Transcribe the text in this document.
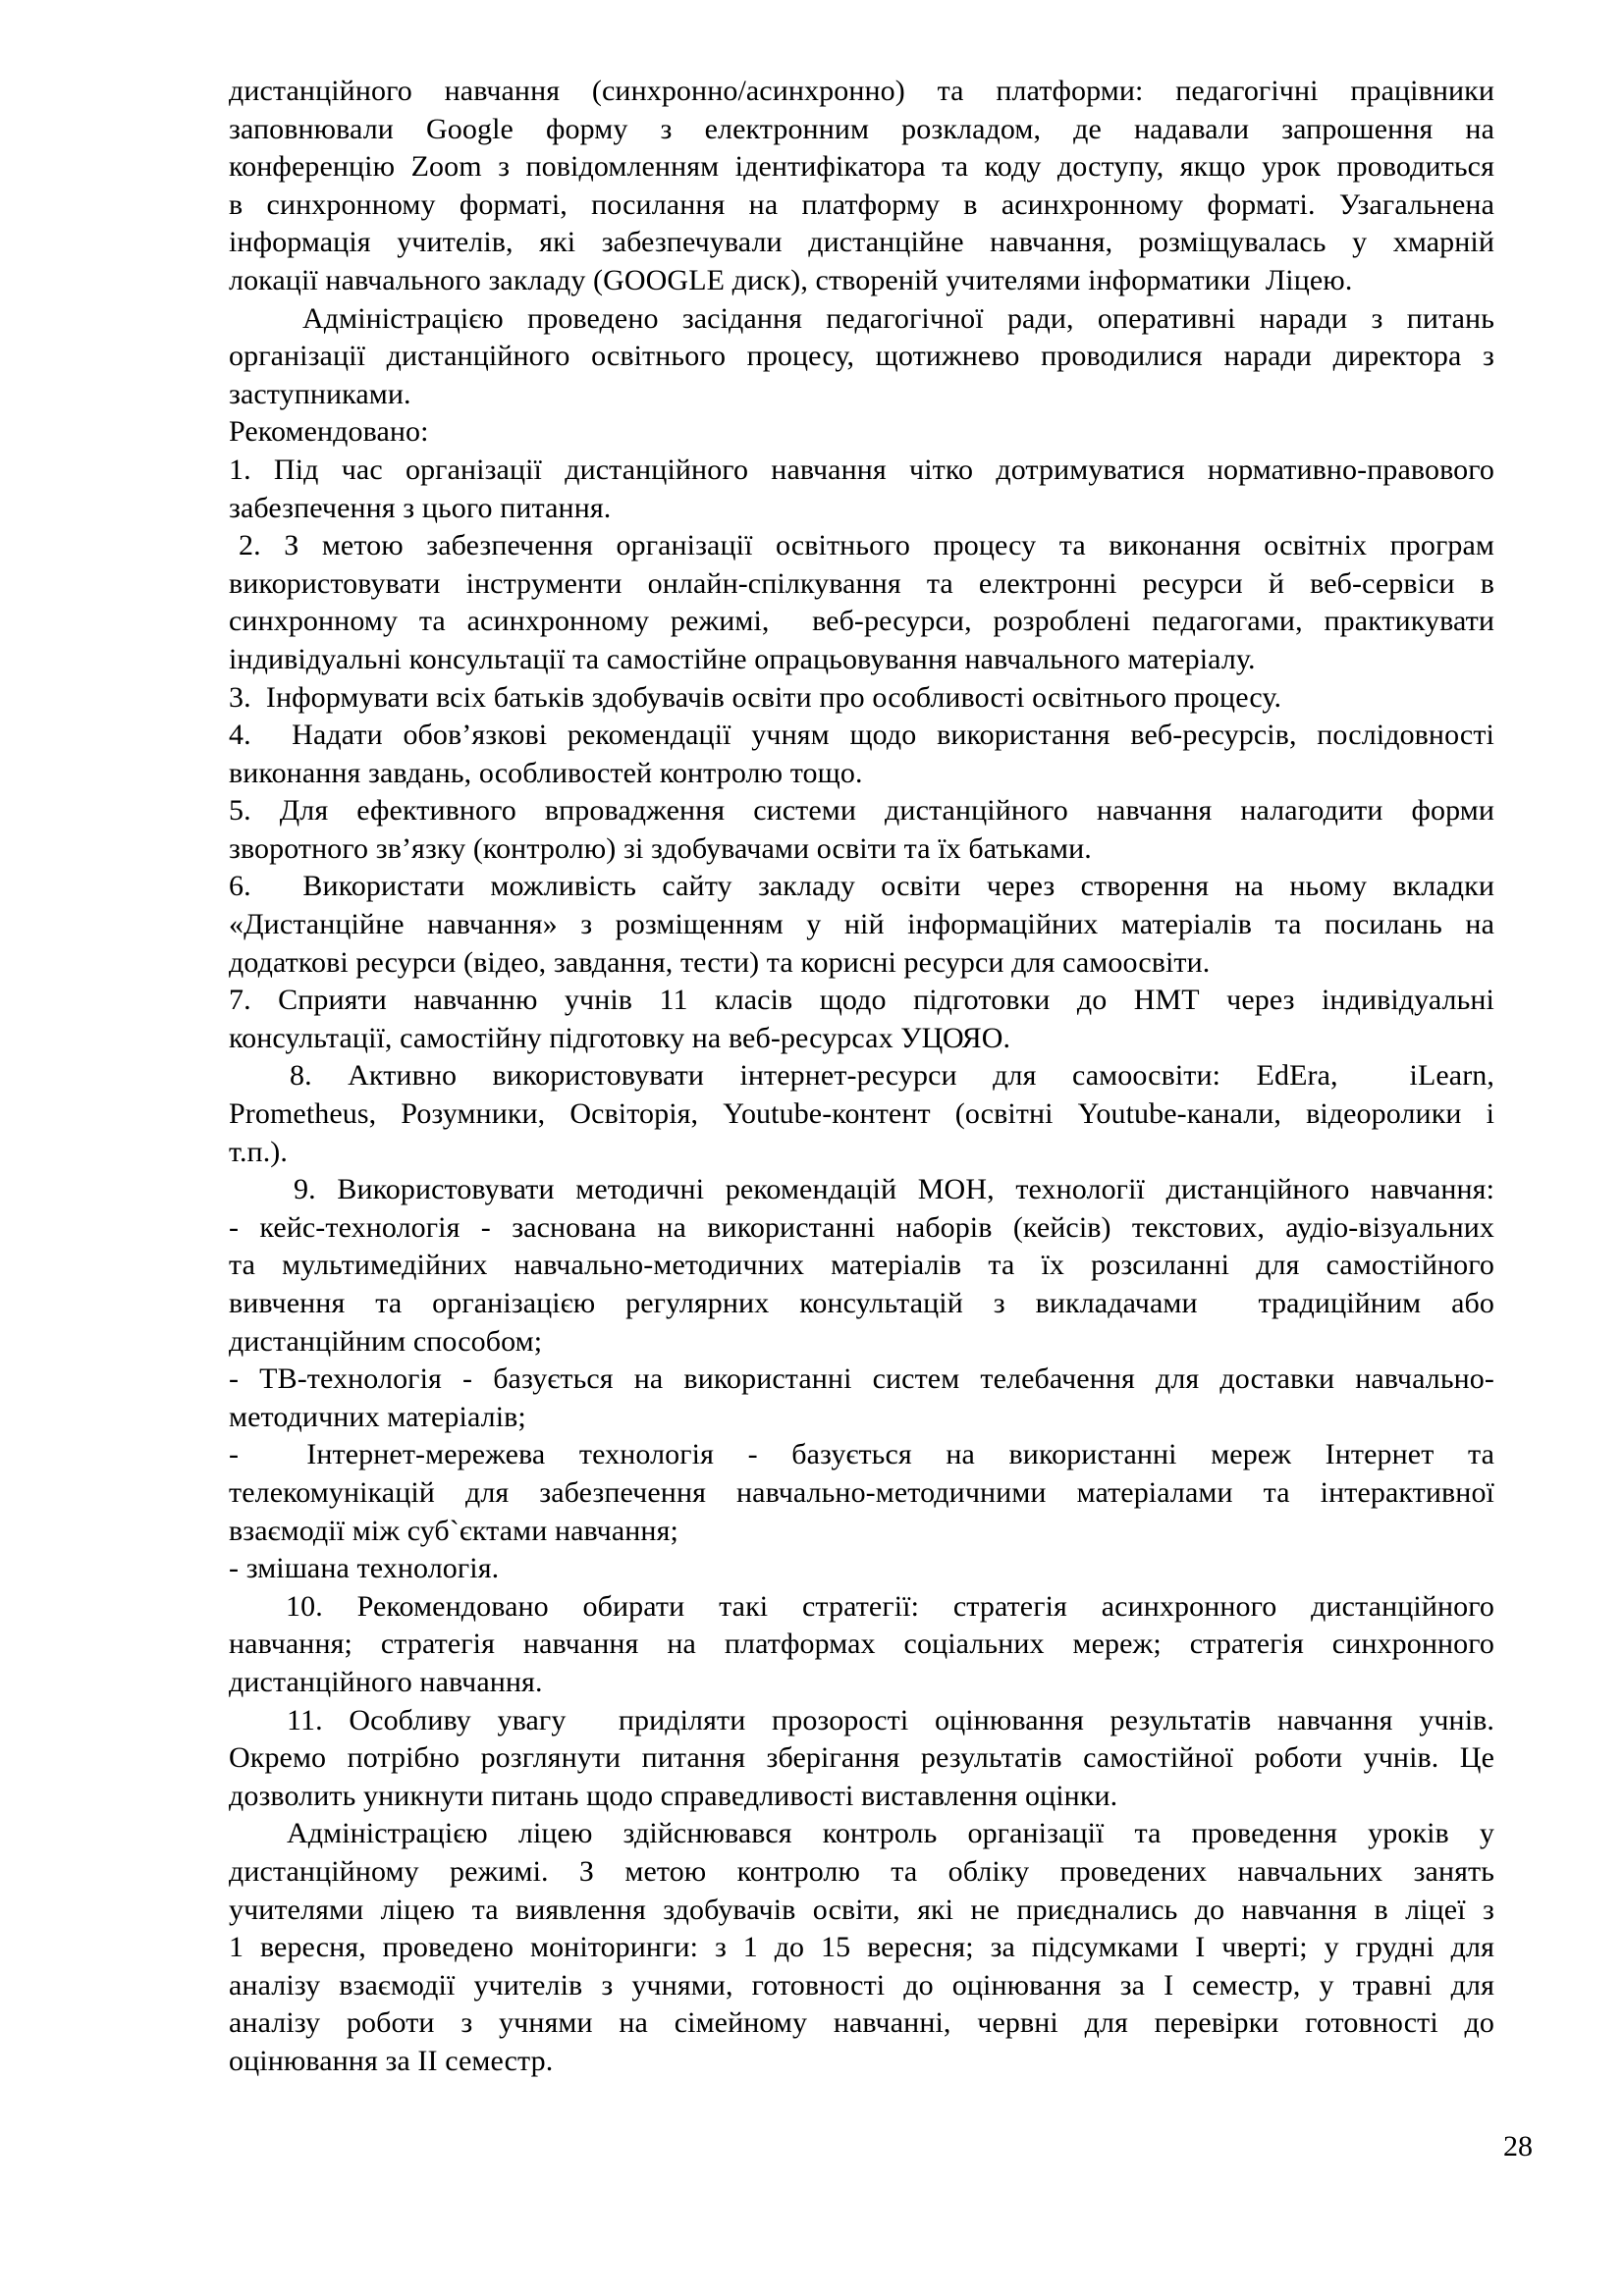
дистанційного навчання (синхронно/асинхронно) та платформи: педагогічні працівники
заповнювали Google форму з електронним розкладом, де надавали запрошення на
конференцію Zoom з повідомленням ідентифікатора та коду доступу, якщо урок проводиться
в синхронному форматі, посилання на платформу в асинхронному форматі. Узагальнена
інформація учителів, які забезпечували дистанційне навчання, розміщувалась у хмарній
локації навчального закладу (GOOGLE диск), створеній учителями інформатики  Ліцею.
Адміністрацією проведено засідання педагогічної ради, оперативні наради з питань
організації дистанційного освітнього процесу, щотижнево проводилися наради директора з
заступниками.
Рекомендовано:
1. Під час організації дистанційного навчання чітко дотримуватися нормативно-правового
забезпечення з цього питання.
2. З метою забезпечення організації освітнього процесу та виконання освітніх програм
використовувати інструменти онлайн-спілкування та електронні ресурси й веб-сервіси в
синхронному та асинхронному режимі,  веб-ресурси, розроблені педагогами, практикувати
індивідуальні консультації та самостійне опрацьовування навчального матеріалу.
3.  Інформувати всіх батьків здобувачів освіти про особливості освітнього процесу.
4.  Надати обов’язкові рекомендації учням щодо використання веб-ресурсів, послідовності
виконання завдань, особливостей контролю тощо.
5. Для ефективного впровадження системи дистанційного навчання налагодити форми
зворотного зв’язку (контролю) зі здобувачами освіти та їх батьками.
6.  Використати можливість сайту закладу освіти через створення на ньому вкладки
«Дистанційне навчання» з розміщенням у ній інформаційних матеріалів та посилань на
додаткові ресурси (відео, завдання, тести) та корисні ресурси для самоосвіти.
7. Сприяти навчанню учнів 11 класів щодо підготовки до НМТ через індивідуальні
консультації, самостійну підготовку на веб-ресурсах УЦОЯО.
8. Активно використовувати інтернет-ресурси для самоосвіти: EdEra,  iLearn,
Prometheus, Розумники, Освіторія, Youtube-контент (освітні Youtube-канали, відеоролики і
т.п.).
9. Використовувати методичні рекомендацій МОН, технології дистанційного навчання:
- кейс-технологія - заснована на використанні наборів (кейсів) текстових, аудіо-візуальних
та мультимедійних навчально-методичних матеріалів та їх розсиланні для самостійного
вивчення та організацією регулярних консультацій з викладачами  традиційним або
дистанційним способом;
- ТВ-технологія - базується на використанні систем телебачення для доставки навчально-
методичних матеріалів;
-  Інтернет-мережева технологія - базується на використанні мереж Інтернет та
телекомунікацій для забезпечення навчально-методичними матеріалами та інтерактивної
взаємодії між суб`єктами навчання;
- змішана технологія.
10. Рекомендовано обирати такі стратегії: стратегія асинхронного дистанційного
навчання; стратегія навчання на платформах соціальних мереж; стратегія синхронного
дистанційного навчання.
11. Особливу увагу  приділяти прозорості оцінювання результатів навчання учнів.
Окремо потрібно розглянути питання зберігання результатів самостійної роботи учнів. Це
дозволить уникнути питань щодо справедливості виставлення оцінки.
Адміністрацією ліцею здійснювався контроль організації та проведення уроків у
дистанційному режимі. З метою контролю та обліку проведених навчальних занять
учителями ліцею та виявлення здобувачів освіти, які не приєднались до навчання в ліцеї з
1 вересня, проведено моніторинги: з 1 до 15 вересня; за підсумками І чверті; у грудні для
аналізу взаємодії учителів з учнями, готовності до оцінювання за І семестр, у травні для
аналізу роботи з учнями на сімейному навчанні, червні для перевірки готовності до
оцінювання за ІІ семестр.
28
